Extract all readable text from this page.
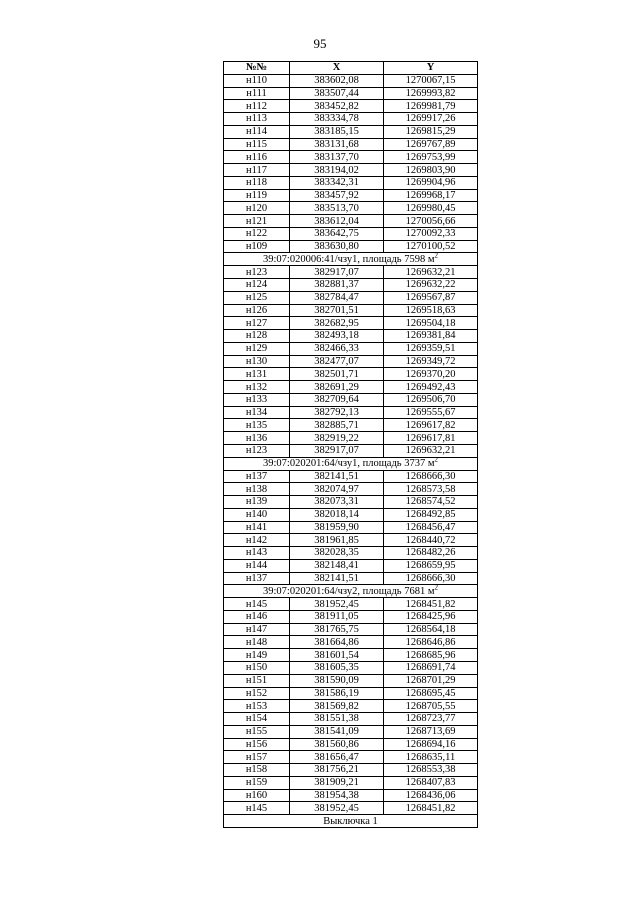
95
№№	X	Y
н110	383602,08	1270067,15
н111	383507,44	1269993,82
н112	383452,82	1269981,79
н113	383334,78	1269917,26
н114	383185,15	1269815,29
н115	383131,68	1269767,89
н116	383137,70	1269753,99
н117	383194,02	1269803,90
н118	383342,31	1269904,96
н119	383457,92	1269968,17
н120	383513,70	1269980,45
н121	383612,04	1270056,66
н122	383642,75	1270092,33
н109	383630,80	1270100,52
39:07:020006:41/чзу1, площадь 7598 $м^2$
н123	382917,07	1269632,21
н124	382881,37	1269632,22
н125	382784,47	1269567,87
н126	382701,51	1269518,63
н127	382682,95	1269504,18
н128	382493,18	1269381,84
н129	382466,33	1269359,51
н130	382477,07	1269349,72
н131	382501,71	1269370,20
н132	382691,29	1269492,43
н133	382709,64	1269506,70
н134	382792,13	1269555,67
н135	382885,71	1269617,82
н136	382919,22	1269617,81
н123	382917,07	1269632,21
39:07:020201:64/чзу1, площадь 3737 $м^2$
н137	382141,51	1268666,30
н138	382074,97	1268573,58
н139	382073,31	1268574,52
н140	382018,14	1268492,85
н141	381959,90	1268456,47
н142	381961,85	1268440,72
н143	382028,35	1268482,26
н144	382148,41	1268659,95
н137	382141,51	1268666,30
39:07:020201:64/чзу2, площадь 7681 $м^2$
н145	381952,45	1268451,82
н146	381911,05	1268425,96
н147	381765,75	1268564,18
н148	381664,86	1268646,86
н149	381601,54	1268685,96
н150	381605,35	1268691,74
н151	381590,09	1268701,29
н152	381586,19	1268695,45
н153	381569,82	1268705,55
н154	381551,38	1268723,77
н155	381541,09	1268713,69
н156	381560,86	1268694,16
н157	381656,47	1268635,11
н158	381756,21	1268553,38
н159	381909,21	1268407,83
н160	381954,38	1268436,06
н145	381952,45	1268451,82
Выключка 1		
